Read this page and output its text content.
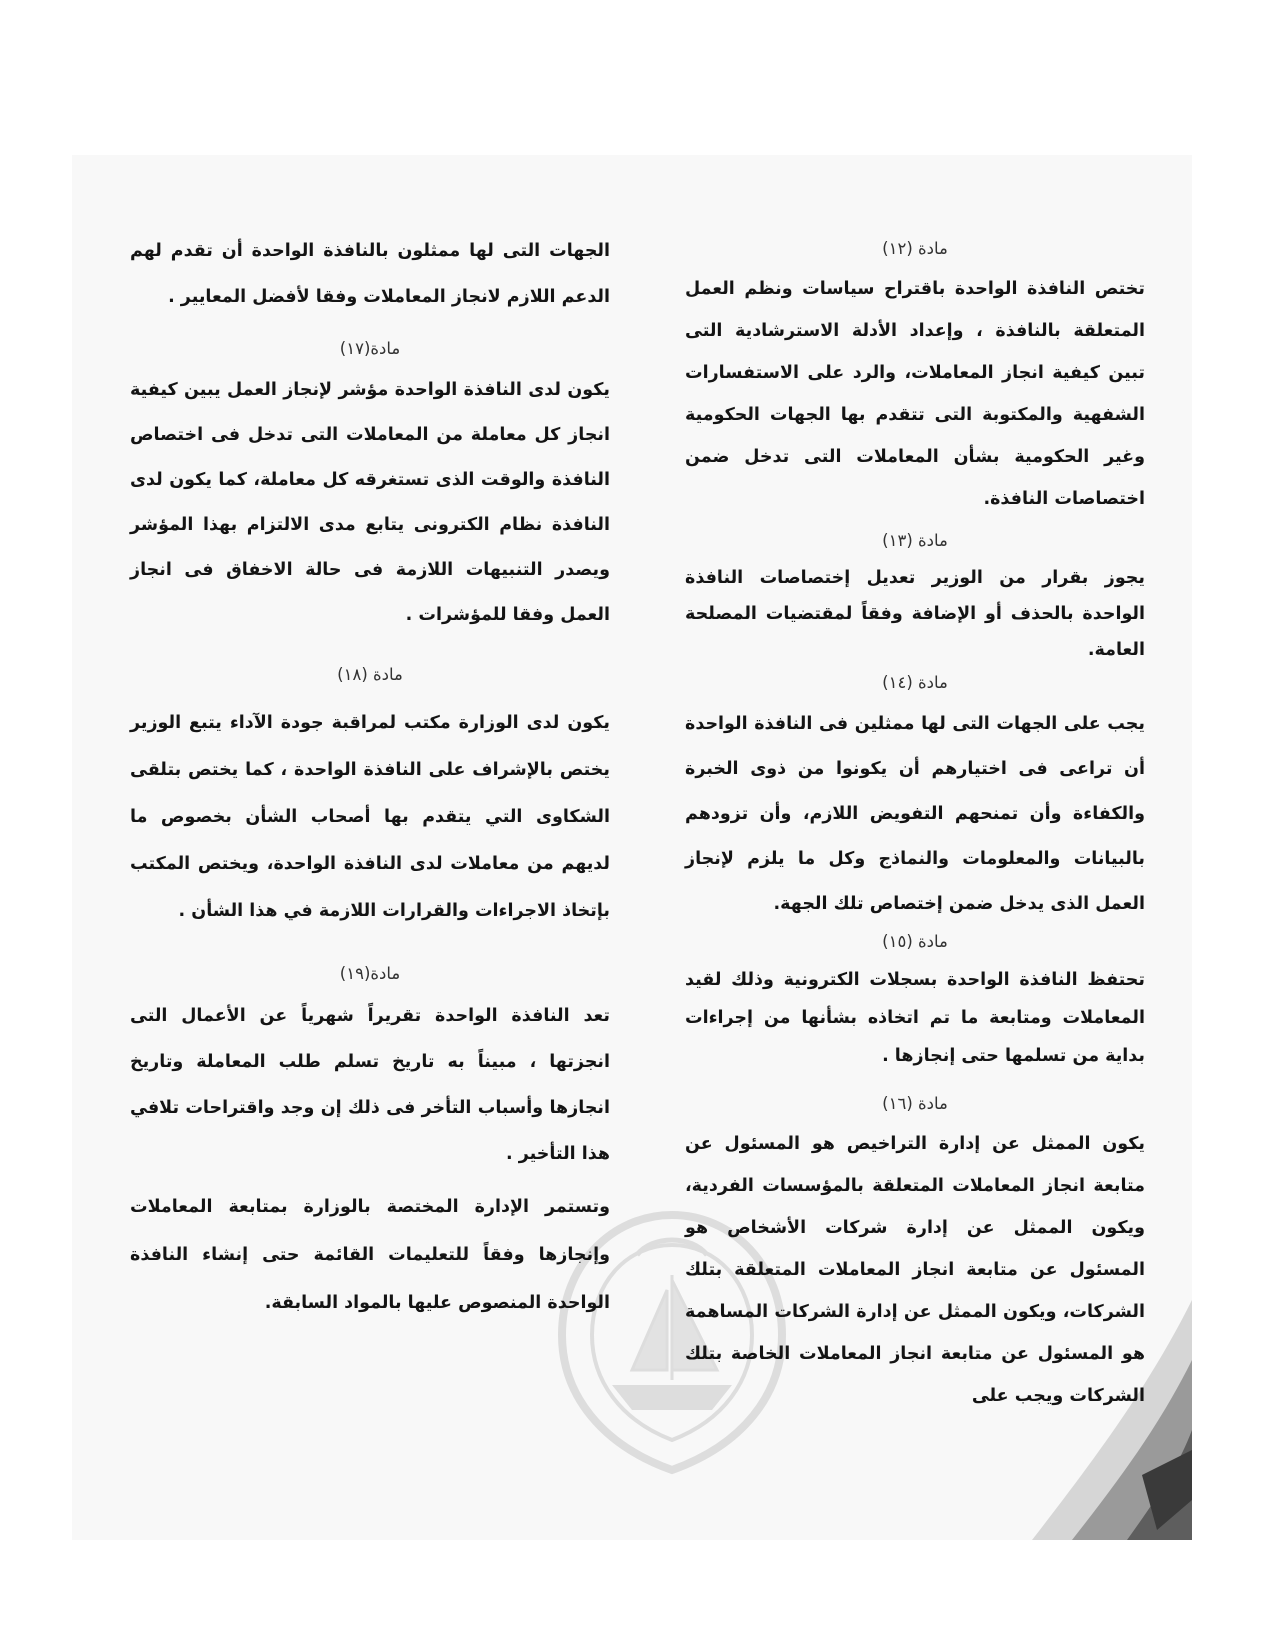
مادة (١٢)

تختص النافذة الواحدة باقتراح سياسات ونظم العمل المتعلقة بالنافذة ، وإعداد الأدلة الاسترشادية التى تبين كيفية انجاز المعاملات، والرد على الاستفسارات الشفهية والمكتوبة التى تتقدم بها الجهات الحكومية وغير الحكومية بشأن المعاملات التى تدخل ضمن اختصاصات النافذة.

مادة (١٣)

يجوز بقرار من الوزير تعديل إختصاصات النافذة الواحدة بالحذف أو الإضافة وفقاً لمقتضيات المصلحة العامة.

مادة (١٤)

يجب على الجهات التى لها ممثلين فى النافذة الواحدة أن تراعى فى اختيارهم أن يكونوا من ذوى الخبرة والكفاءة وأن تمنحهم التفويض اللازم، وأن تزودهم بالبيانات والمعلومات والنماذج وكل ما يلزم لإنجاز العمل الذى يدخل ضمن إختصاص تلك الجهة.

مادة (١٥)

تحتفظ النافذة الواحدة بسجلات الكترونية وذلك لقيد المعاملات ومتابعة ما تم اتخاذه بشأنها من إجراءات بداية من تسلمها حتى إنجازها .

مادة (١٦)

يكون الممثل عن إدارة التراخيص هو المسئول عن متابعة انجاز المعاملات المتعلقة بالمؤسسات الفردية، ويكون الممثل عن إدارة شركات الأشخاص هو المسئول عن متابعة انجاز المعاملات المتعلقة بتلك الشركات، ويكون الممثل عن إدارة الشركات المساهمة هو المسئول عن متابعة انجاز المعاملات الخاصة بتلك الشركات ويجب على

الجهات التى لها ممثلون بالنافذة الواحدة أن تقدم لهم الدعم اللازم لانجاز المعاملات وفقا لأفضل المعايير .

مادة(١٧)

يكون لدى النافذة الواحدة مؤشر لإنجاز العمل يبين كيفية انجاز كل معاملة من المعاملات التى تدخل فى اختصاص النافذة والوقت الذى تستغرقه كل معاملة، كما يكون لدى النافذة نظام الكترونى يتابع مدى الالتزام بهذا المؤشر ويصدر التنبيهات اللازمة فى حالة الاخفاق فى انجاز العمل وفقا للمؤشرات .

مادة (١٨)

يكون لدى الوزارة مكتب لمراقبة جودة الآداء يتبع الوزير يختص بالإشراف على النافذة الواحدة ، كما يختص بتلقى الشكاوى التي يتقدم بها أصحاب الشأن بخصوص ما لديهم من معاملات لدى النافذة الواحدة، ويختص المكتب بإتخاذ الاجراءات والقرارات اللازمة في هذا الشأن .

مادة(١٩)

تعد النافذة الواحدة تقريراً شهرياً عن الأعمال التى انجزتها ، مبيناً به تاريخ تسلم طلب المعاملة وتاريخ انجازها وأسباب التأخر فى ذلك إن وجد واقتراحات تلافي هذا التأخير .

وتستمر الإدارة المختصة بالوزارة بمتابعة المعاملات وإنجازها وفقاً للتعليمات القائمة حتى إنشاء النافذة الواحدة المنصوص عليها بالمواد السابقة.
